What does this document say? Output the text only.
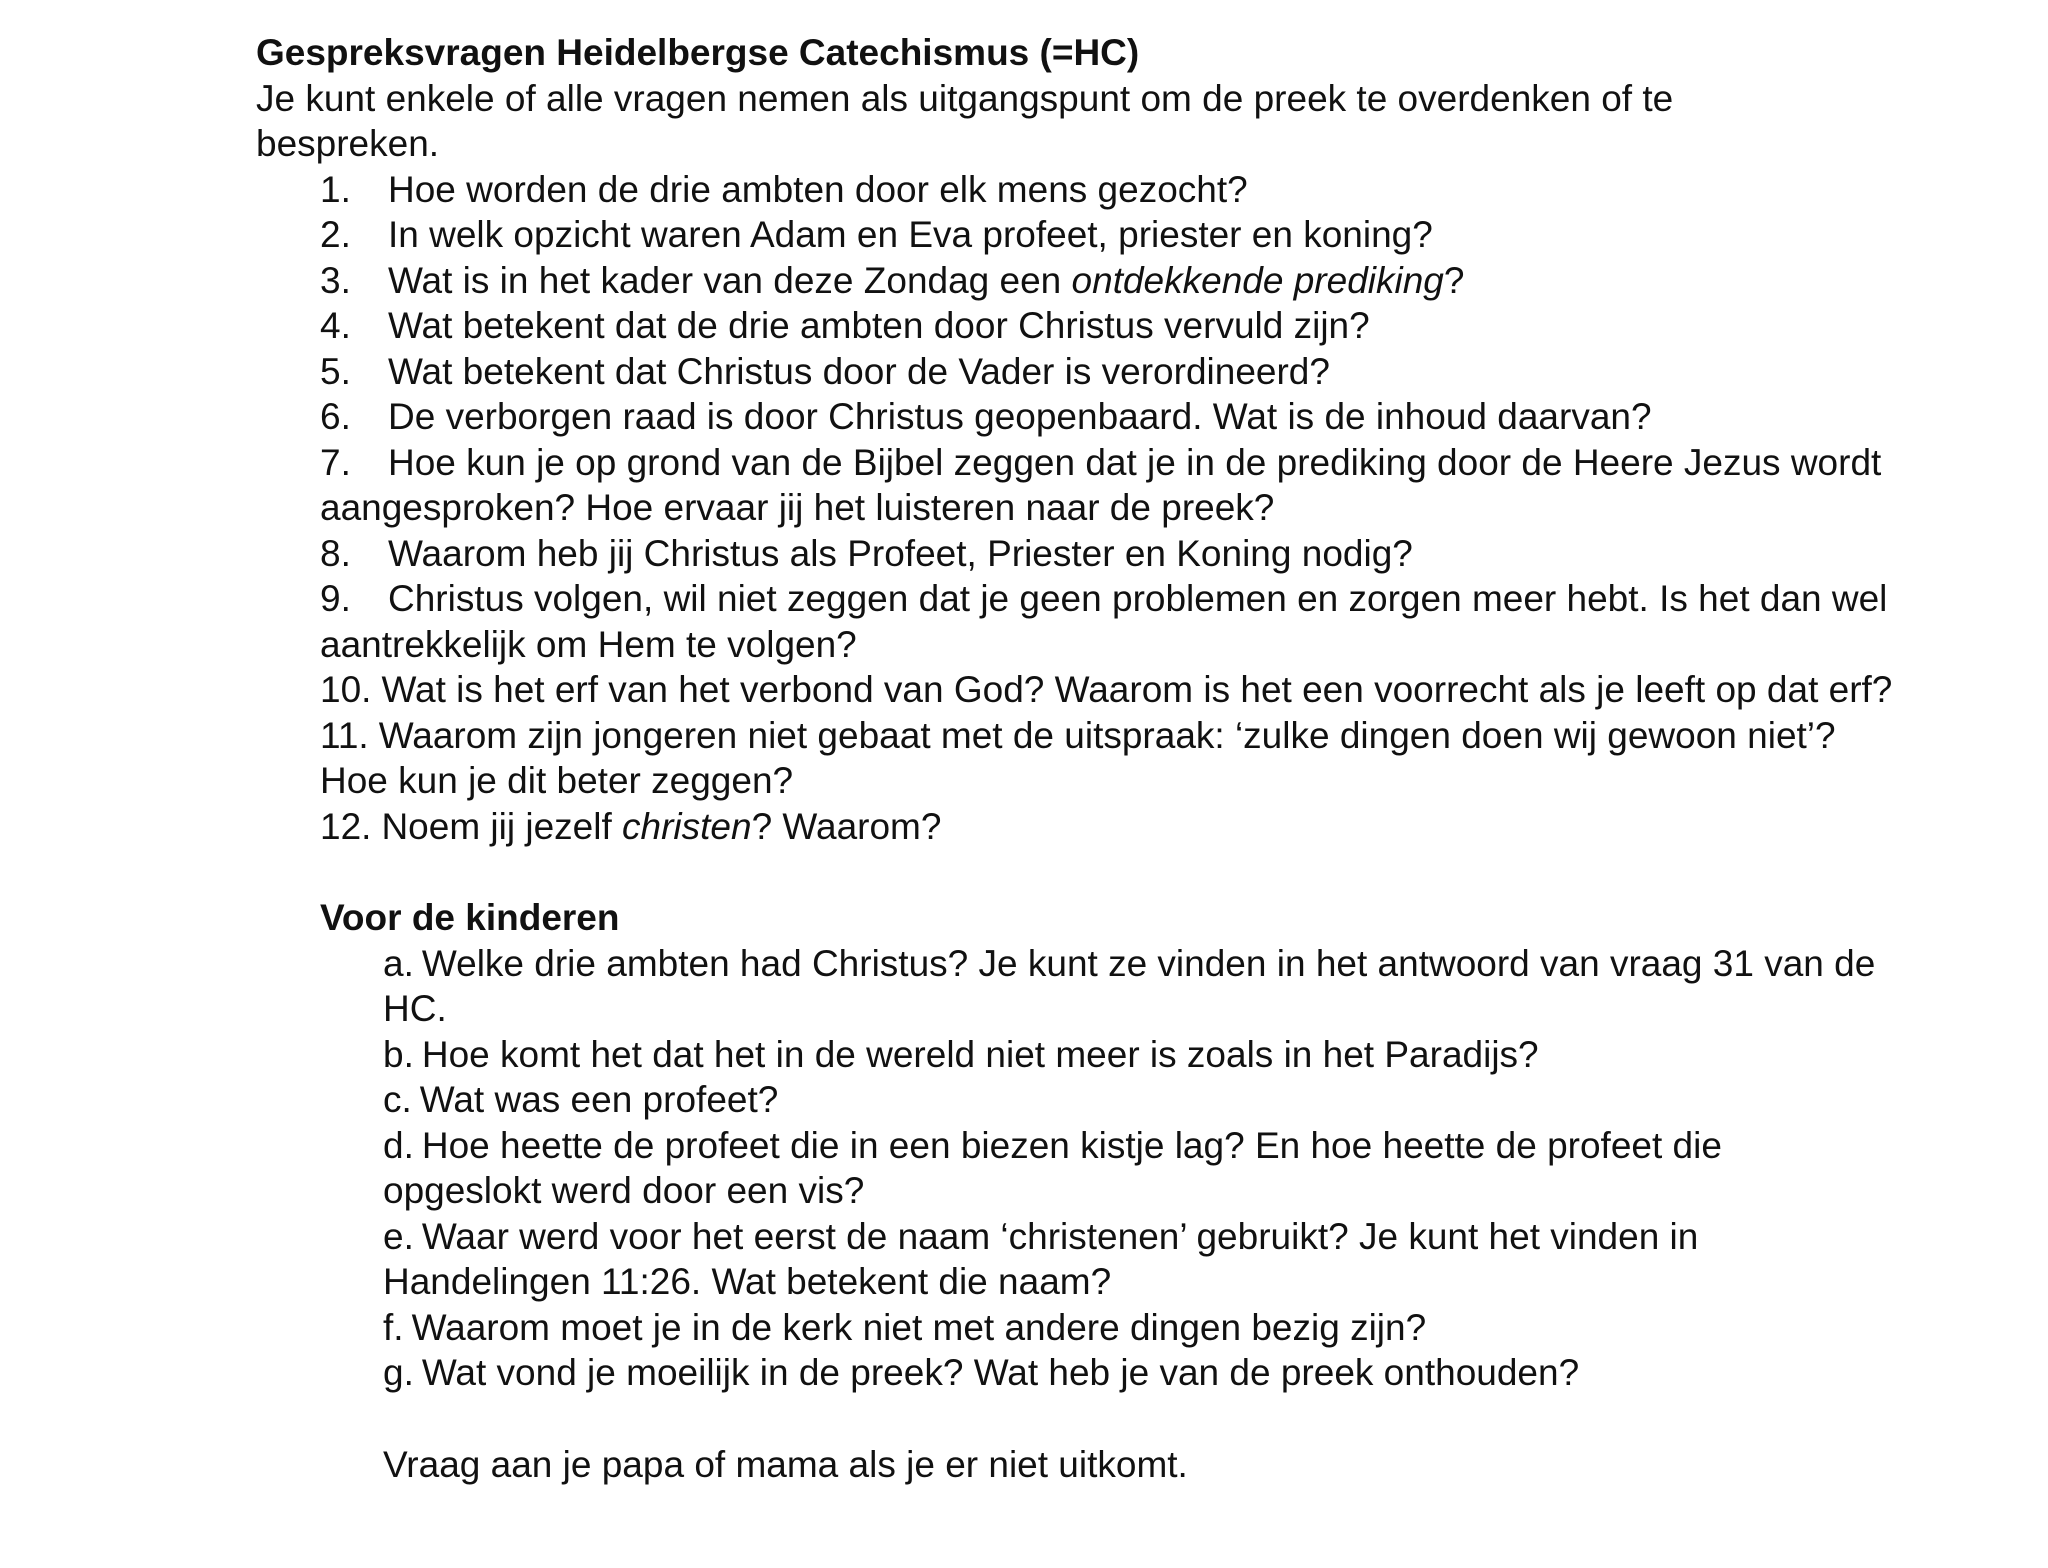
Gespreksvragen Heidelbergse Catechismus (=HC)
Je kunt enkele of alle vragen nemen als uitgangspunt om de preek te overdenken of te bespreken.
1. Hoe worden de drie ambten door elk mens gezocht?
2. In welk opzicht waren Adam en Eva profeet, priester en koning?
3. Wat is in het kader van deze Zondag een ontdekkende prediking?
4. Wat betekent dat de drie ambten door Christus vervuld zijn?
5. Wat betekent dat Christus door de Vader is verordineerd?
6. De verborgen raad is door Christus geopenbaard. Wat is de inhoud daarvan?
7. Hoe kun je op grond van de Bijbel zeggen dat je in de prediking door de Heere Jezus wordt aangesproken? Hoe ervaar jij het luisteren naar de preek?
8. Waarom heb jij Christus als Profeet, Priester en Koning nodig?
9. Christus volgen, wil niet zeggen dat je geen problemen en zorgen meer hebt. Is het dan wel aantrekkelijk om Hem te volgen?
10. Wat is het erf van het verbond van God? Waarom is het een voorrecht als je leeft op dat erf?
11. Waarom zijn jongeren niet gebaat met de uitspraak: ‘zulke dingen doen wij gewoon niet’? Hoe kun je dit beter zeggen?
12. Noem jij jezelf christen? Waarom?
Voor de kinderen
a. Welke drie ambten had Christus? Je kunt ze vinden in het antwoord van vraag 31 van de HC.
b. Hoe komt het dat het in de wereld niet meer is zoals in het Paradijs?
c. Wat was een profeet?
d. Hoe heette de profeet die in een biezen kistje lag? En hoe heette de profeet die opgeslokt werd door een vis?
e. Waar werd voor het eerst de naam ‘christenen’ gebruikt? Je kunt het vinden in Handelingen 11:26. Wat betekent die naam?
f. Waarom moet je in de kerk niet met andere dingen bezig zijn?
g. Wat vond je moeilijk in de preek? Wat heb je van de preek onthouden?
Vraag aan je papa of mama als je er niet uitkomt.
